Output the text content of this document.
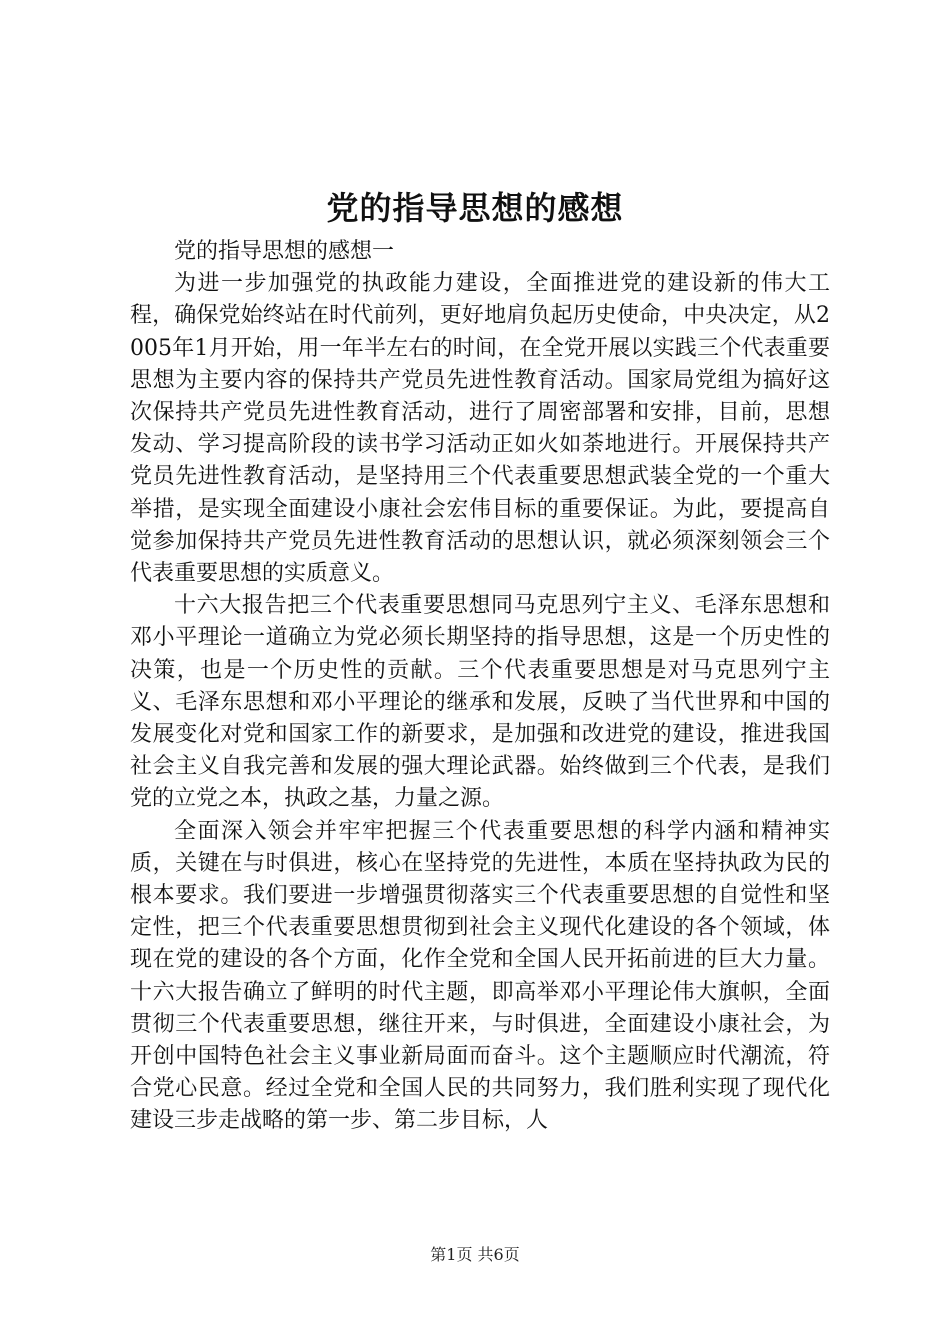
党的指导思想的感想

党的指导思想的感想一

为进一步加强党的执政能力建设，全面推进党的建设新的伟大工程，确保党始终站在时代前列，更好地肩负起历史使命，中央决定，从2005年1月开始，用一年半左右的时间，在全党开展以实践三个代表重要思想为主要内容的保持共产党员先进性教育活动。国家局党组为搞好这次保持共产党员先进性教育活动，进行了周密部署和安排，目前，思想发动、学习提高阶段的读书学习活动正如火如荼地进行。开展保持共产党员先进性教育活动，是坚持用三个代表重要思想武装全党的一个重大举措，是实现全面建设小康社会宏伟目标的重要保证。为此，要提高自觉参加保持共产党员先进性教育活动的思想认识，就必须深刻领会三个代表重要思想的实质意义。

十六大报告把三个代表重要思想同马克思列宁主义、毛泽东思想和邓小平理论一道确立为党必须长期坚持的指导思想，这是一个历史性的决策，也是一个历史性的贡献。三个代表重要思想是对马克思列宁主义、毛泽东思想和邓小平理论的继承和发展，反映了当代世界和中国的发展变化对党和国家工作的新要求，是加强和改进党的建设，推进我国社会主义自我完善和发展的强大理论武器。始终做到三个代表，是我们党的立党之本，执政之基，力量之源。

全面深入领会并牢牢把握三个代表重要思想的科学内涵和精神实质，关键在与时俱进，核心在坚持党的先进性，本质在坚持执政为民的根本要求。我们要进一步增强贯彻落实三个代表重要思想的自觉性和坚定性，把三个代表重要思想贯彻到社会主义现代化建设的各个领域，体现在党的建设的各个方面，化作全党和全国人民开拓前进的巨大力量。十六大报告确立了鲜明的时代主题，即高举邓小平理论伟大旗帜，全面贯彻三个代表重要思想，继往开来，与时俱进，全面建设小康社会，为开创中国特色社会主义事业新局面而奋斗。这个主题顺应时代潮流，符合党心民意。经过全党和全国人民的共同努力，我们胜利实现了现代化建设三步走战略的第一步、第二步目标，人

第1页 共6页
